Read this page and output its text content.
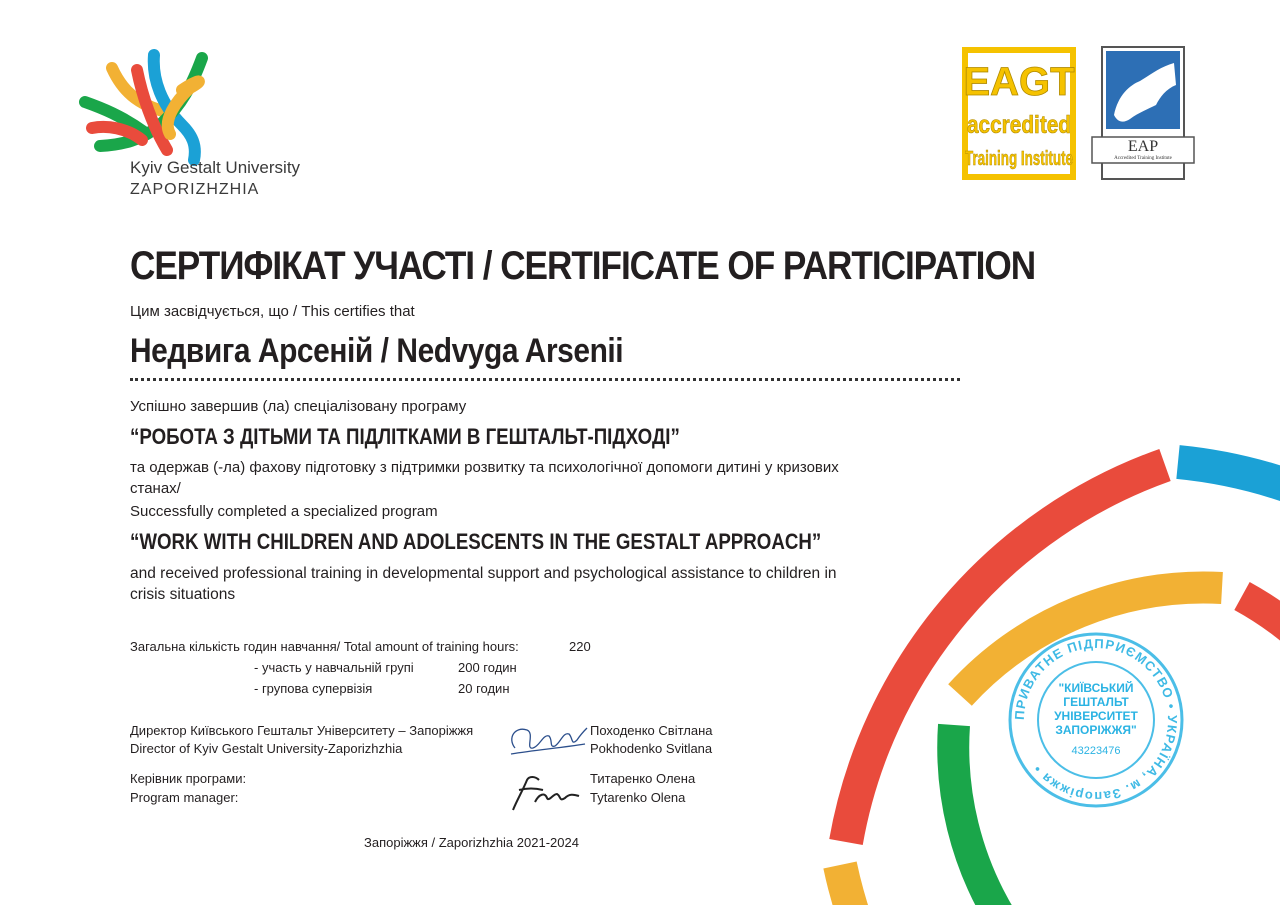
Kyiv Gestalt University
ZAPORIZHZHIA
EAGT
accredited
Training Institute
EAP
Accredited Training Institute
СЕРТИФІКАТ УЧАСТІ / CERTIFICATE OF PARTICIPATION
Цим засвідчується, що / This certifies that
Недвига Арсеній / Nedvyga Arsenii
Успішно завершив (ла) спеціалізовану програму
“РОБОТА З ДІТЬМИ ТА ПІДЛІТКАМИ В ГЕШТАЛЬТ-ПІДХОДІ”
та одержав (-ла) фахову підготовку з підтримки розвитку та психологічної допомоги дитині у кризових станах/
Successfully completed a specialized program
“WORK WITH CHILDREN AND ADOLESCENTS IN THE GESTALT APPROACH”
and received professional training in developmental support and psychological assistance to children in crisis situations
Загальна кількість годин навчання/ Total amount of training hours:	220
- участь у навчальній групі	200 годин
- групова супервізія	20 годин
Директор Київського Гештальт Університету – Запоріжжя
Director of Kyiv Gestalt University-Zaporizhzhia
Походенко Світлана
Pokhodenko Svitlana
Керівник програми:
Program manager:
Титаренко Олена
Tytarenko Olena
Запоріжжя / Zaporizhzhia 2021-2024
ПРИВАТНЕ ПІДПРИЄМСТВО • УКРАЇНА, м. Запоріжжя •
"КИЇВСЬКИЙ
ГЕШТАЛЬТ
УНІВЕРСИТЕТ
ЗАПОРІЖЖЯ"
43223476
